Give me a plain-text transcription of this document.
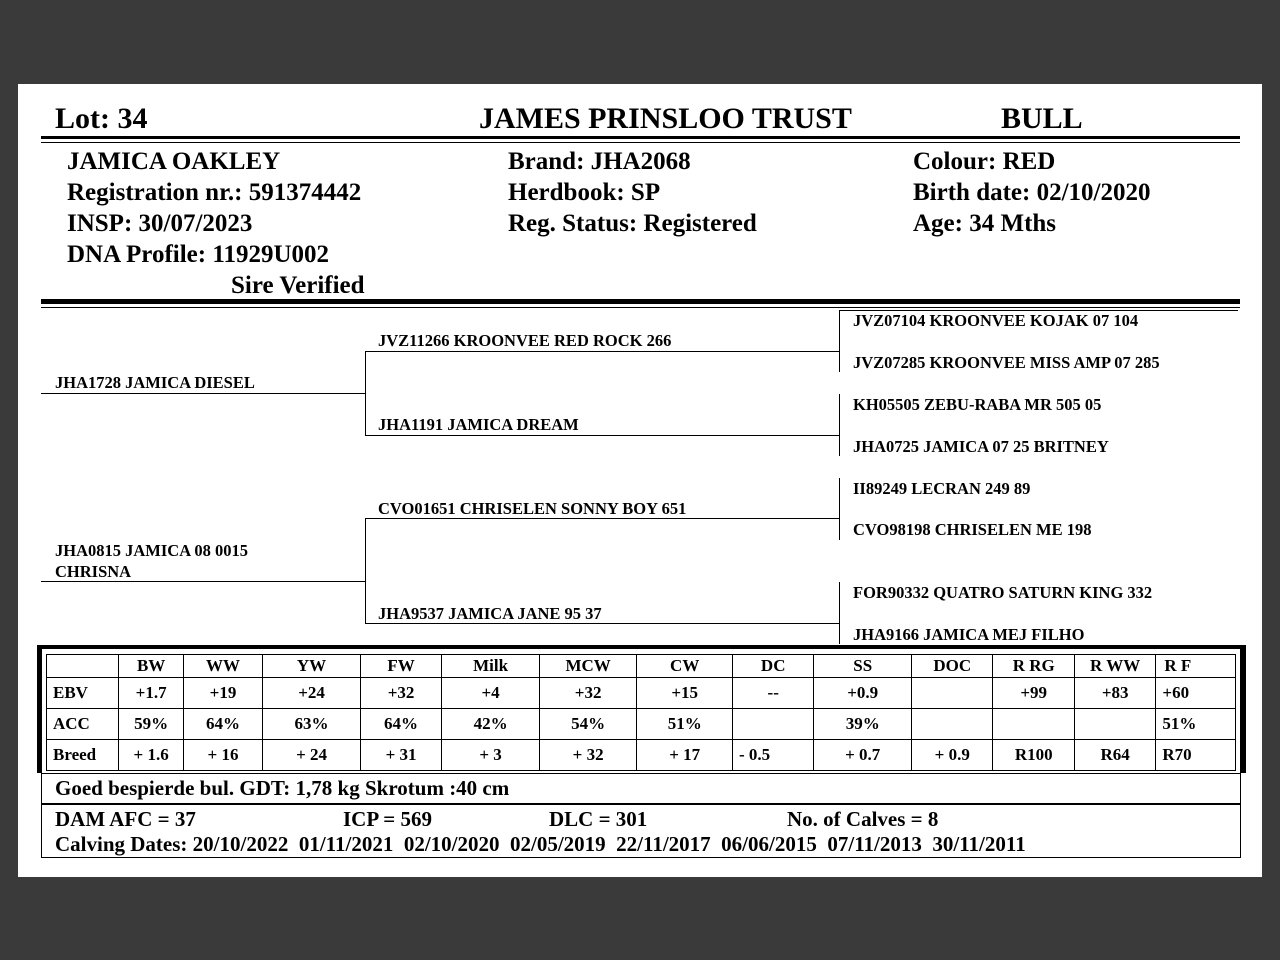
Lot: 34	JAMES PRINSLOO TRUST	BULL
JAMICA OAKLEY
Registration nr.: 591374442
INSP: 30/07/2023
DNA Profile: 11929U002
Sire Verified
Brand: JHA2068
Herdbook: SP
Reg. Status: Registered
Colour: RED
Birth date: 02/10/2020
Age: 34 Mths
JHA1728 JAMICA DIESEL
JHA0815 JAMICA 08 0015
CHRISNA
JVZ11266 KROONVEE RED ROCK 266
JHA1191 JAMICA DREAM
CVO01651 CHRISELEN SONNY BOY 651
JHA9537 JAMICA JANE 95 37
JVZ07104 KROONVEE KOJAK 07 104
JVZ07285 KROONVEE MISS AMP 07 285
KH05505 ZEBU-RABA MR 505 05
JHA0725 JAMICA 07 25 BRITNEY
II89249 LECRAN 249 89
CVO98198 CHRISELEN ME 198
FOR90332 QUATRO SATURN KING 332
JHA9166 JAMICA MEJ FILHO
	BW	WW	YW	FW	Milk	MCW	CW	DC	SS	DOC	R RG	R WW	R F
EBV	+1.7	+19	+24	+32	+4	+32	+15	--	+0.9		+99	+83	+60
ACC	59%	64%	63%	64%	42%	54%	51%		39%				51%
Breed	+ 1.6	+ 16	+ 24	+ 31	+ 3	+ 32	+ 17	- 0.5	+ 0.7	+ 0.9	R100	R64	R70
Goed bespierde bul. GDT: 1,78 kg Skrotum :40 cm
DAM AFC = 37	ICP = 569	DLC = 301	No. of Calves = 8
Calving Dates: 20/10/2022  01/11/2021  02/10/2020  02/05/2019  22/11/2017  06/06/2015  07/11/2013  30/11/2011
